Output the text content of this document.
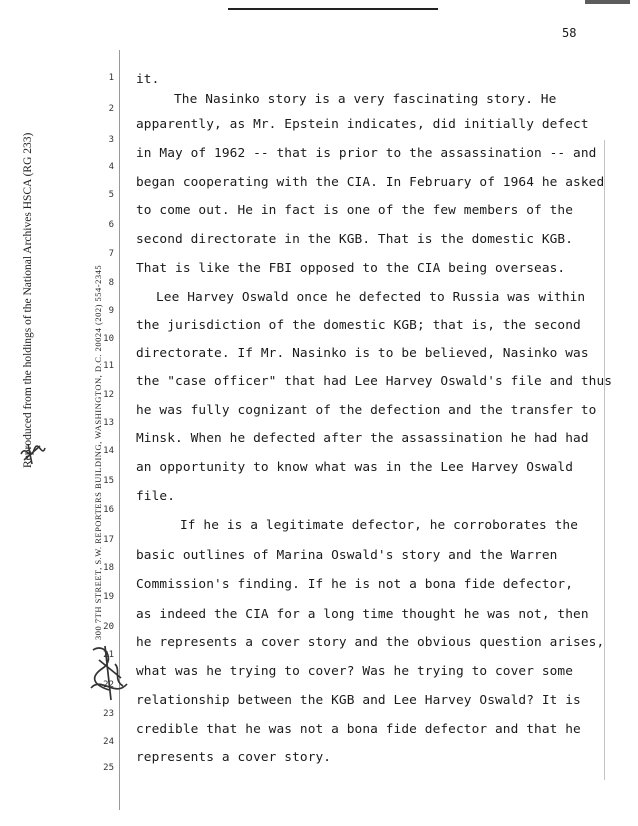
58
Reproduced from the holdings of the National Archives HSCA (RG 233)	300 7TH STREET, S.W. REPORTERS BUILDING, WASHINGTON, D.C. 20024 (202) 554-2345
1
2
3
4
5
6
7
8
9
10
11
12
13
14
15
16
17
18
19
20
21
22
23
24
25
it.
The Nasinko story is a very fascinating story. He
apparently, as Mr. Epstein indicates, did initially defect
in May of 1962 -- that is prior to the assassination -- and
began cooperating with the CIA. In February of 1964 he asked
to come out. He in fact is one of the few members of the
second directorate in the KGB. That is the domestic KGB.
That is like the FBI opposed to the CIA being overseas.
Lee Harvey Oswald once he defected to Russia was within
the jurisdiction of the domestic KGB; that is, the second
directorate. If Mr. Nasinko is to be believed, Nasinko was
the "case officer" that had Lee Harvey Oswald's file and thus
he was fully cognizant of the defection and the transfer to
Minsk. When he defected after the assassination he had had
an opportunity to know what was in the Lee Harvey Oswald
file.
If he is a legitimate defector, he corroborates the
basic outlines of Marina Oswald's story and the Warren
Commission's finding. If he is not a bona fide defector,
as indeed the CIA for a long time thought he was not, then
he represents a cover story and the obvious question arises,
what was he trying to cover? Was he trying to cover some
relationship between the KGB and Lee Harvey Oswald? It is
credible that he was not a bona fide defector and that he
represents a cover story.
